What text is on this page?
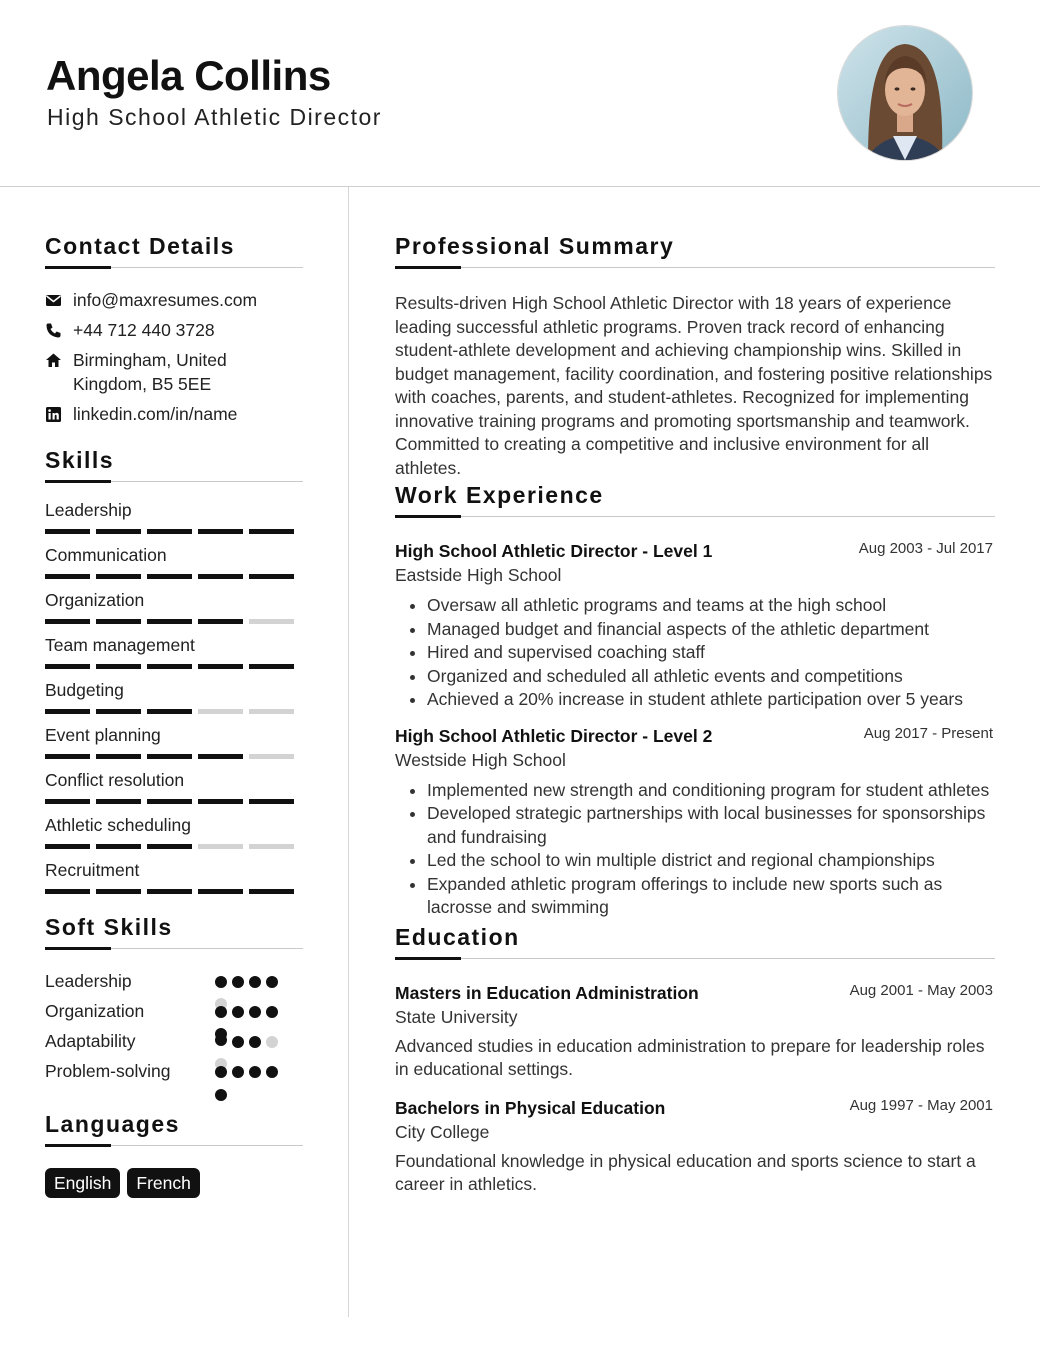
Angela Collins
High School Athletic Director
Contact Details
info@maxresumes.com
+44 712 440 3728
Birmingham, United
Kingdom, B5 5EE
linkedin.com/in/name
Skills
Leadership
Communication
Organization
Team management
Budgeting
Event planning
Conflict resolution
Athletic scheduling
Recruitment
Soft Skills
Leadership
Organization
Adaptability
Problem-solving
Languages
English	French
Professional Summary

Results-driven High School Athletic Director with 18 years of experience leading successful athletic programs. Proven track record of enhancing student-athlete development and achieving championship wins. Skilled in budget management, facility coordination, and fostering positive relationships with coaches, parents, and student-athletes. Recognized for implementing innovative training programs and promoting sportsmanship and teamwork. Committed to creating a competitive and inclusive environment for all athletes.

Work Experience
High School Athletic Director - Level 1	Aug 2003 - Jul 2017
Eastside High School
• Oversaw all athletic programs and teams at the high school
• Managed budget and financial aspects of the athletic department
• Hired and supervised coaching staff
• Organized and scheduled all athletic events and competitions
• Achieved a 20% increase in student athlete participation over 5 years
High School Athletic Director - Level 2	Aug 2017 - Present
Westside High School
• Implemented new strength and conditioning program for student athletes
• Developed strategic partnerships with local businesses for sponsorships and fundraising
• Led the school to win multiple district and regional championships
• Expanded athletic program offerings to include new sports such as lacrosse and swimming
Education
Masters in Education Administration	Aug 2001 - May 2003
State University

Advanced studies in education administration to prepare for leadership roles in educational settings.

Bachelors in Physical Education	Aug 1997 - May 2001
City College

Foundational knowledge in physical education and sports science to start a career in athletics.
